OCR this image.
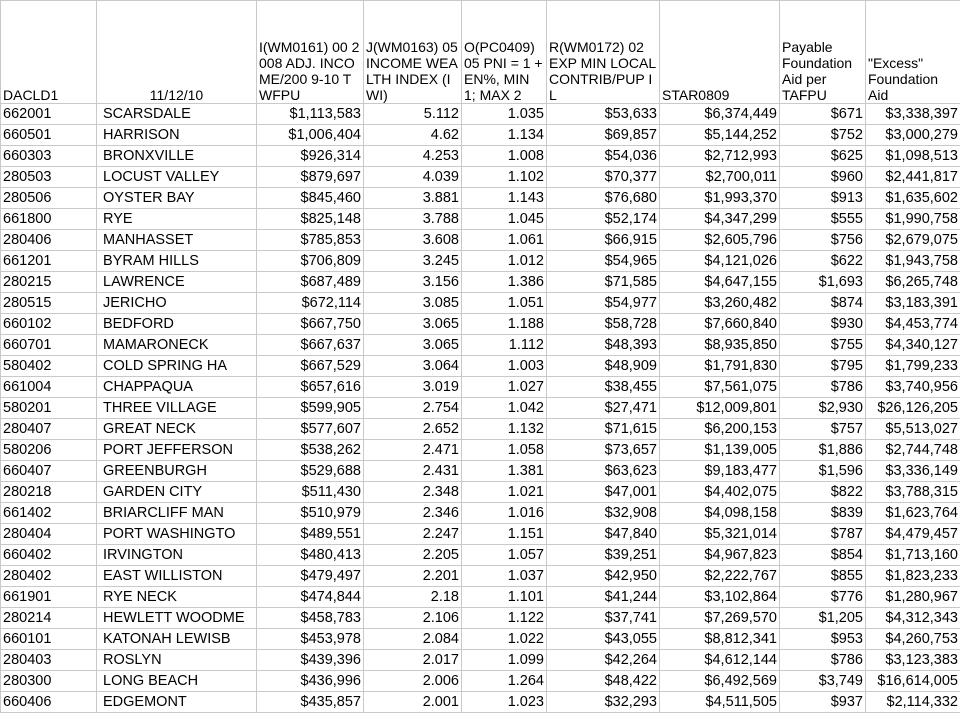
DACLD1	11/12/10	I(WM0161) 00 2008 ADJ. INCOME/200 9-10 TWFPU	J(WM0163) 05 INCOME WEALTH INDEX (IWI)	O(PC0409) 05 PNI = 1 + EN%, MIN 1; MAX 2	R(WM0172) 02 EXP MIN LOCAL CONTRIB/PUP IL	STAR0809	Payable Foundation Aid per TAFPU	"Excess" Foundation Aid
662001	SCARSDALE	$1,113,583	5.112	1.035	$53,633	$6,374,449	$671	$3,338,397
660501	HARRISON	$1,006,404	4.62	1.134	$69,857	$5,144,252	$752	$3,000,279
660303	BRONXVILLE	$926,314	4.253	1.008	$54,036	$2,712,993	$625	$1,098,513
280503	LOCUST VALLEY	$879,697	4.039	1.102	$70,377	$2,700,011	$960	$2,441,817
280506	OYSTER BAY	$845,460	3.881	1.143	$76,680	$1,993,370	$913	$1,635,602
661800	RYE	$825,148	3.788	1.045	$52,174	$4,347,299	$555	$1,990,758
280406	MANHASSET	$785,853	3.608	1.061	$66,915	$2,605,796	$756	$2,679,075
661201	BYRAM HILLS	$706,809	3.245	1.012	$54,965	$4,121,026	$622	$1,943,758
280215	LAWRENCE	$687,489	3.156	1.386	$71,585	$4,647,155	$1,693	$6,265,748
280515	JERICHO	$672,114	3.085	1.051	$54,977	$3,260,482	$874	$3,183,391
660102	BEDFORD	$667,750	3.065	1.188	$58,728	$7,660,840	$930	$4,453,774
660701	MAMARONECK	$667,637	3.065	1.112	$48,393	$8,935,850	$755	$4,340,127
580402	COLD SPRING HA	$667,529	3.064	1.003	$48,909	$1,791,830	$795	$1,799,233
661004	CHAPPAQUA	$657,616	3.019	1.027	$38,455	$7,561,075	$786	$3,740,956
580201	THREE VILLAGE	$599,905	2.754	1.042	$27,471	$12,009,801	$2,930	$26,126,205
280407	GREAT NECK	$577,607	2.652	1.132	$71,615	$6,200,153	$757	$5,513,027
580206	PORT JEFFERSON	$538,262	2.471	1.058	$73,657	$1,139,005	$1,886	$2,744,748
660407	GREENBURGH	$529,688	2.431	1.381	$63,623	$9,183,477	$1,596	$3,336,149
280218	GARDEN CITY	$511,430	2.348	1.021	$47,001	$4,402,075	$822	$3,788,315
661402	BRIARCLIFF MAN	$510,979	2.346	1.016	$32,908	$4,098,158	$839	$1,623,764
280404	PORT WASHINGTO	$489,551	2.247	1.151	$47,840	$5,321,014	$787	$4,479,457
660402	IRVINGTON	$480,413	2.205	1.057	$39,251	$4,967,823	$854	$1,713,160
280402	EAST WILLISTON	$479,497	2.201	1.037	$42,950	$2,222,767	$855	$1,823,233
661901	RYE NECK	$474,844	2.18	1.101	$41,244	$3,102,864	$776	$1,280,967
280214	HEWLETT WOODME	$458,783	2.106	1.122	$37,741	$7,269,570	$1,205	$4,312,343
660101	KATONAH LEWISB	$453,978	2.084	1.022	$43,055	$8,812,341	$953	$4,260,753
280403	ROSLYN	$439,396	2.017	1.099	$42,264	$4,612,144	$786	$3,123,383
280300	LONG BEACH	$436,996	2.006	1.264	$48,422	$6,492,569	$3,749	$16,614,005
660406	EDGEMONT	$435,857	2.001	1.023	$32,293	$4,511,505	$937	$2,114,332
